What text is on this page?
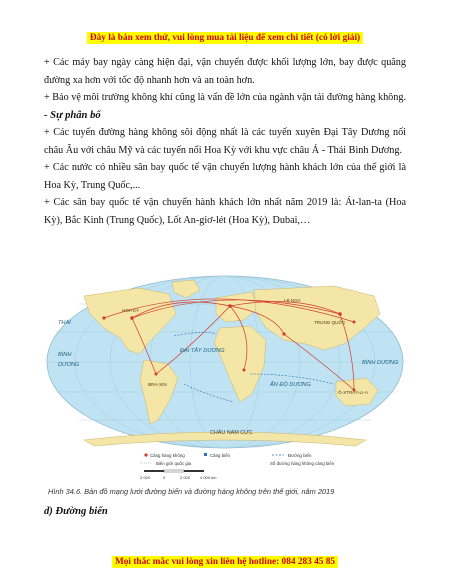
Đây là bản xem thử, vui lòng mua tài liệu để xem chi tiết (có lời giải)

+ Các máy bay ngày càng hiện đại, vận chuyển được khối lượng lớn, bay được quãng đường xa hơn với tốc độ nhanh hơn và an toàn hơn.

+ Bảo vệ môi trường không khí cũng là vấn đề lớn của ngành vận tải đường hàng không.

- Sự phân bố

+ Các tuyến đường hàng không sôi động nhất là các tuyến xuyên Đại Tây Dương nối châu Âu với châu Mỹ và các tuyến nối Hoa Kỳ với khu vực châu Á - Thái Bình Dương.

+ Các nước có nhiều sân bay quốc tế vận chuyển lượng hành khách lớn của thế giới là Hoa Kỳ, Trung Quốc,...

+ Các sân bay quốc tế vận chuyển hành khách lớn nhất năm 2019 là: Át-lan-ta (Hoa Kỳ), Bắc Kinh (Trung Quốc), Lốt An-giơ-lét (Hoa Kỳ), Dubai,…

THÁI
BÌNH
DƯƠNG
ĐẠI TÂY DƯƠNG
ẤN ĐỘ DƯƠNG
BÌNH DƯƠNG
HOA KỲ
BRA-XIN
TRUNG QUỐC
LB NGA
Ô-XTRÂY-LI-A
CHÂU NAM CỰC
Cảng hàng không	Cảng biển	Đường biển
Biên giới quốc gia	Số đường hàng không cảng biển
2 000	0	2 000 4 000 km
Hình 34.6. Bản đồ mạng lưới đường biển và đường hàng không trên thế giới, năm 2019
d) Đường biển
Mọi thắc mắc vui lòng xin liên hệ hotline: 084 283 45 85
